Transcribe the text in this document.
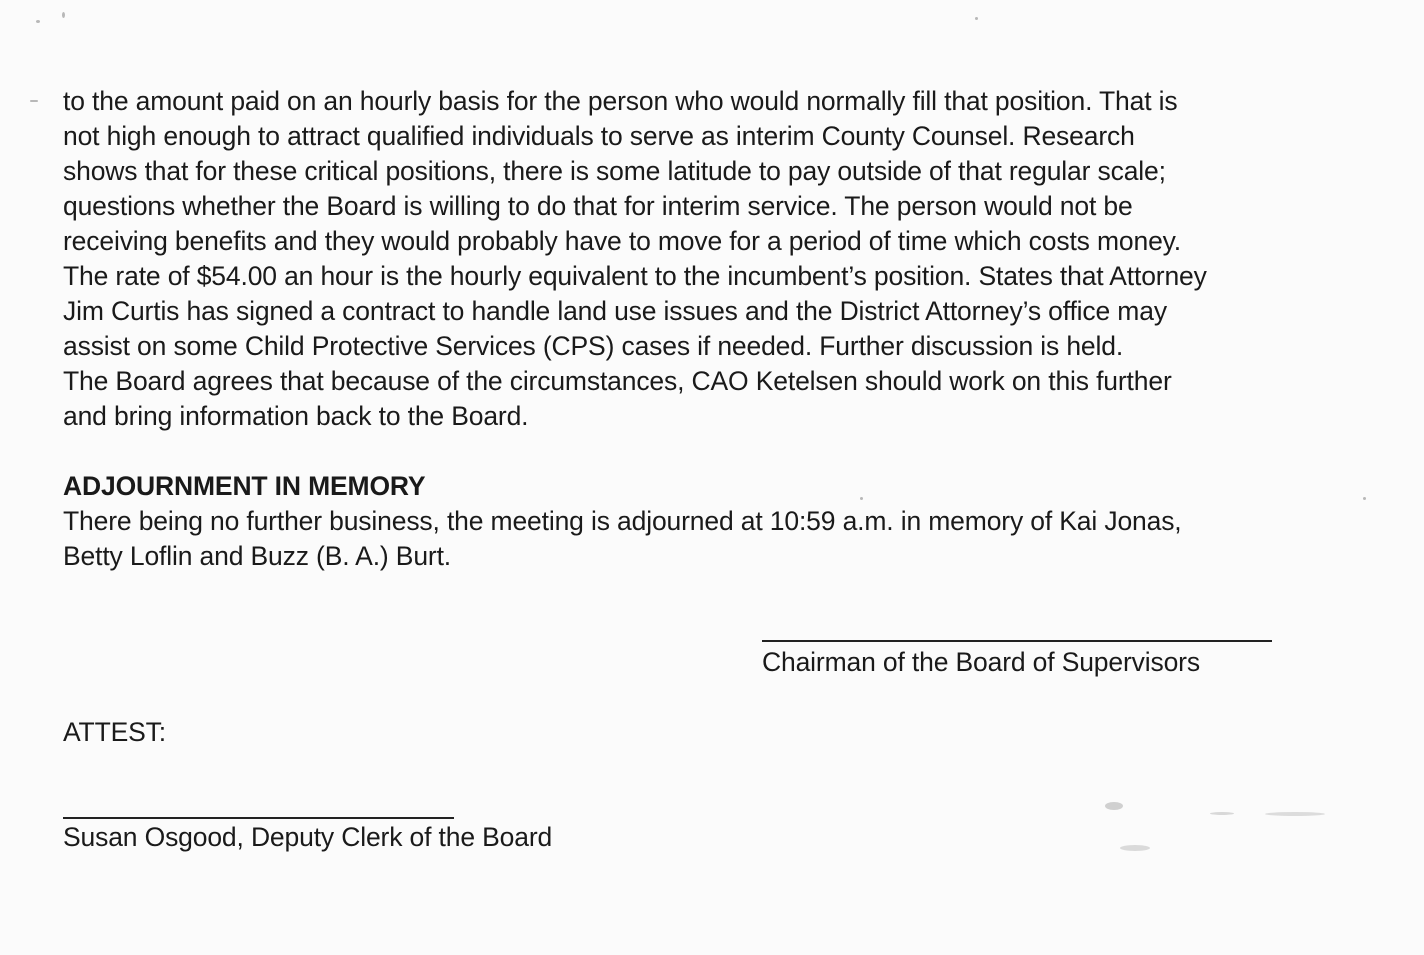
to the amount paid on an hourly basis for the person who would normally fill that position. That is
not high enough to attract qualified individuals to serve as interim County Counsel. Research
shows that for these critical positions, there is some latitude to pay outside of that regular scale;
questions whether the Board is willing to do that for interim service. The person would not be
receiving benefits and they would probably have to move for a period of time which costs money.
The rate of $54.00 an hour is the hourly equivalent to the incumbent’s position. States that Attorney
Jim Curtis has signed a contract to handle land use issues and the District Attorney’s office may
assist on some Child Protective Services (CPS) cases if needed. Further discussion is held.
The Board agrees that because of the circumstances, CAO Ketelsen should work on this further
and bring information back to the Board.
ADJOURNMENT IN MEMORY
There being no further business, the meeting is adjourned at 10:59 a.m. in memory of Kai Jonas,
Betty Loflin and Buzz (B. A.) Burt.
Chairman of the Board of Supervisors
ATTEST:
Susan Osgood, Deputy Clerk of the Board
